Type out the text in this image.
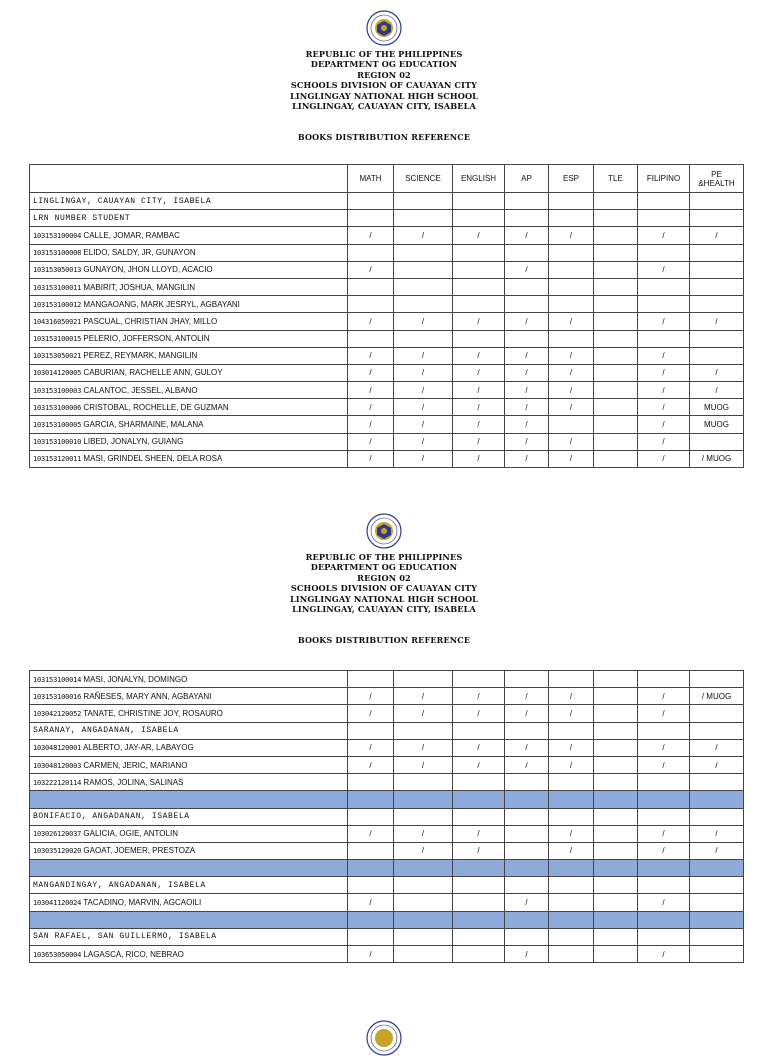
REPUBLIC OF THE PHILIPPINES
DEPARTMENT OG EDUCATION
REGION 02
SCHOOLS DIVISION OF CAUAYAN CITY
LINGLINGAY NATIONAL HIGH SCHOOL
LINGLINGAY, CAUAYAN CITY, ISABELA
BOOKS DISTRIBUTION REFERENCE
	MATH	SCIENCE	ENGLISH	AP	ESP	TLE	FILIPINO	PE &HEALTH
LINGLINGAY, CAUAYAN CITY, ISABELA								
LRN NUMBER STUDENT								
103153100004 CALLE, JOMAR, RAMBAC	/	/	/	/	/		/	/
103153100008 ELIDO, SALDY, JR, GUNAYON								
103153050013 GUNAYON, JHON LLOYD, ACACIO	/			/			/	
103153100011 MABIRIT, JOSHUA, MANGILIN								
103153100012 MANGAOANG, MARK JESRYL, AGBAYANI								
104316050021 PASCUAL, CHRISTIAN JHAY, MILLO	/	/	/	/	/		/	/
103153100015 PELERIO, JOFFERSON, ANTOLIN								
103153050021 PEREZ, REYMARK, MANGILIN	/	/	/	/	/		/	
103014120005 CABURIAN, RACHELLE ANN, GULOY	/	/	/	/	/		/	/
103153100003 CALANTOC, JESSEL, ALBANO	/	/	/	/	/		/	/
103153100006 CRISTOBAL, ROCHELLE, DE GUZMAN	/	/	/	/	/		/	MUOG
103153100005 GARCIA, SHARMAINE, MALANA	/	/	/	/			/	MUOG
103153100010 LIBED, JONALYN, GUIANG	/	/	/	/	/		/	
103153120011 MASI, GRINDEL SHEEN, DELA ROSA	/	/	/	/	/		/	/ MUOG
REPUBLIC OF THE PHILIPPINES
DEPARTMENT OG EDUCATION
REGION 02
SCHOOLS DIVISION OF CAUAYAN CITY
LINGLINGAY NATIONAL HIGH SCHOOL
LINGLINGAY, CAUAYAN CITY, ISABELA
BOOKS DISTRIBUTION REFERENCE
103153100014 MASI, JONALYN, DOMINGO								
103153100016 RAÑESES, MARY ANN, AGBAYANI	/	/	/	/	/		/	/ MUOG
103042120052 TANATE, CHRISTINE JOY, ROSAURO	/	/	/	/	/		/	
SARANAY, ANGADANAN, ISABELA								
103048120001 ALBERTO, JAY-AR, LABAYOG	/	/	/	/	/		/	/
103048120003 CARMEN, JERIC, MARIANO	/	/	/	/	/		/	/
103222120114 RAMOS, JOLINA, SALINAS								

BONIFACIO, ANGADANAN, ISABELA								
103026120037 GALICIA, OGIE, ANTOLIN	/	/	/		/		/	/
103035120020 GAOAT, JOEMER, PRESTOZA		/	/		/		/	/

MANGANDINGAY, ANGADANAN, ISABELA								
103041120024 TACADINO, MARVIN, AGCAOILI	/			/			/	

SAN RAFAEL, SAN GUILLERMO, ISABELA								
103653050004 LAGASCA, RICO, NEBRAO	/			/			/	
